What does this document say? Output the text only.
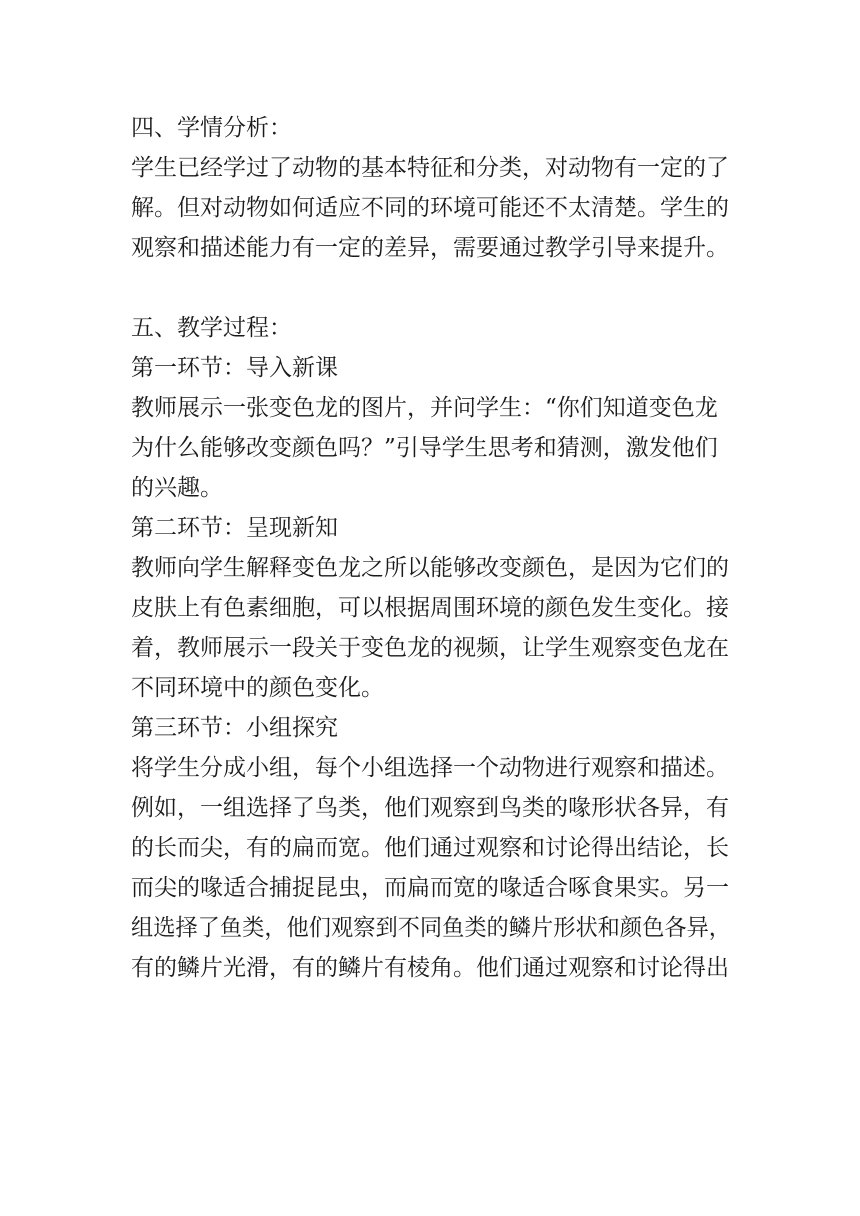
四、学情分析：
学生已经学过了动物的基本特征和分类，对动物有一定的了
解。但对动物如何适应不同的环境可能还不太清楚。学生的
观察和描述能力有一定的差异，需要通过教学引导来提升。
五、教学过程：
第一环节：导入新课
教师展示一张变色龙的图片，并问学生：“你们知道变色龙
为什么能够改变颜色吗？”引导学生思考和猜测，激发他们
的兴趣。
第二环节：呈现新知
教师向学生解释变色龙之所以能够改变颜色，是因为它们的
皮肤上有色素细胞，可以根据周围环境的颜色发生变化。接
着，教师展示一段关于变色龙的视频，让学生观察变色龙在
不同环境中的颜色变化。
第三环节：小组探究
将学生分成小组，每个小组选择一个动物进行观察和描述。
例如，一组选择了鸟类，他们观察到鸟类的喙形状各异，有
的长而尖，有的扁而宽。他们通过观察和讨论得出结论，长
而尖的喙适合捕捉昆虫，而扁而宽的喙适合啄食果实。另一
组选择了鱼类，他们观察到不同鱼类的鳞片形状和颜色各异，
有的鳞片光滑，有的鳞片有棱角。他们通过观察和讨论得出
